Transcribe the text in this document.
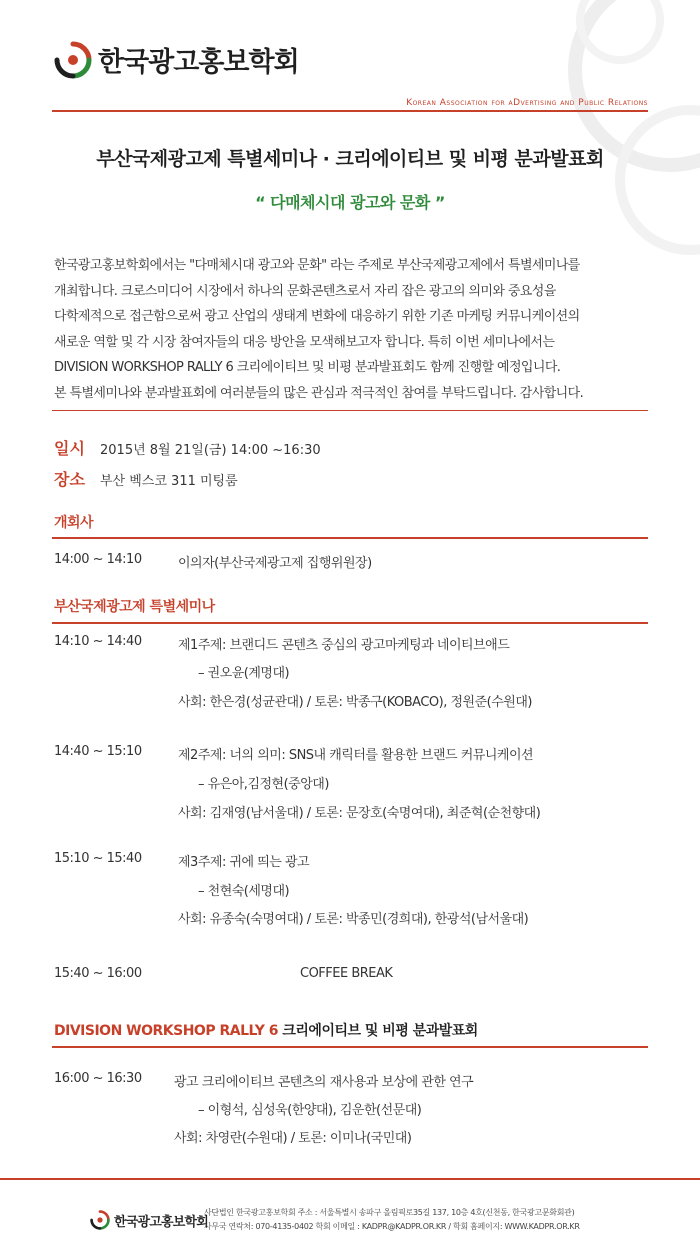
한국광고홍보학회
Korean Association for aDvertising and Public Relations
부산국제광고제 특별세미나 · 크리에이티브 및 비평 분과발표회
“ 다매체시대 광고와 문화 ”
한국광고홍보학회에서는 "다매체시대 광고와 문화" 라는 주제로 부산국제광고제에서 특별세미나를
개최합니다. 크로스미디어 시장에서 하나의 문화콘텐츠로서 자리 잡은 광고의 의미와 중요성을
다학제적으로 접근함으로써 광고 산업의 생태계 변화에 대응하기 위한 기존 마케팅 커뮤니케이션의
새로운 역할 및 각 시장 참여자들의 대응 방안을 모색해보고자 합니다. 특히 이번 세미나에서는
DIVISION WORKSHOP RALLY 6 크리에이티브 및 비평 분과발표회도 함께 진행할 예정입니다.
본 특별세미나와 분과발표회에 여러분들의 많은 관심과 적극적인 참여를 부탁드립니다. 감사합니다.
일시	2015년 8월 21일(금) 14:00 ~16:30
장소	부산 벡스코 311 미팅룸
개회사
14:00 ~ 14:10	이의자(부산국제광고제 집행위원장)
부산국제광고제 특별세미나
14:10 ~ 14:40	제1주제: 브랜디드 콘텐츠 중심의 광고마케팅과 네이티브애드
– 권오윤(계명대)
사회: 한은경(성균관대) / 토론: 박종구(KOBACO), 정원준(수원대)
14:40 ~ 15:10	제2주제: 너의 의미: SNS내 캐릭터를 활용한 브랜드 커뮤니케이션
– 유은아,김정현(중앙대)
사회: 김재영(남서울대) / 토론: 문장호(숙명여대), 최준혁(순천향대)
15:10 ~ 15:40	제3주제: 귀에 띄는 광고
– 천현숙(세명대)
사회: 유종숙(숙명여대) / 토론: 박종민(경희대), 한광석(남서울대)
15:40 ~ 16:00	COFFEE BREAK
DIVISION WORKSHOP RALLY 6 크리에이티브 및 비평 분과발표회
16:00 ~ 16:30 광고 크리에이티브 콘텐츠의 재사용과 보상에 관한 연구
– 이형석, 심성욱(한양대), 김운한(선문대)
사회: 차영란(수원대) / 토론: 이미나(국민대)
한국광고홍보학회
사단법인 한국광고홍보학회 주소 : 서울특별시 송파구 올림픽로35길 137, 10층 4호(신천동, 한국광고문화회관)
사무국 연락처: 070-4135-0402 학회 이메일 : KADPR@KADPR.OR.KR / 학회 홈페이지: WWW.KADPR.OR.KR
